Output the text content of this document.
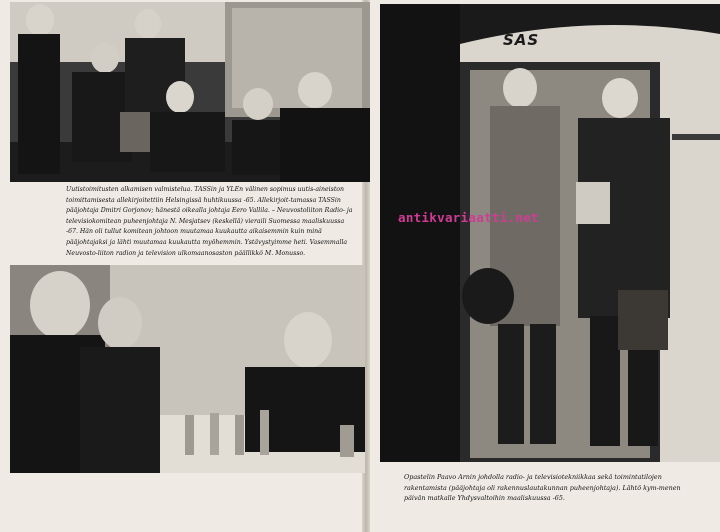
Uutistoimitusten alkamisen valmistelua. TASSin ja YLEn välinen sopimus uutis-aineiston toimittamisesta allekirjoitettiin Helsingissä huhtikuussa -65. Allekirjoit-tamassa TASSin pääjohtaja Dmitri Gorjonov; hänestä oikealla johtaja Eero Vallila. – Neuvostoliiton Radio- ja televisiokomitean puheenjohtaja N. Mesjatsev (keskellä) vieraili Suomessa maaliskuussa -67. Hän oli tullut komitean johtoon muutamaa kuukautta aikaisemmin kuin minä pääjohtajaksi ja lähti muutamaa kuukautta myöhemmin. Ystävystyimme heti. Vasemmalla Neuvosto-liiton radion ja television ulkomaanosaston päällikkö M. Monusso.
SAS
antikvariaatti.net
Opastelin Paavo Arnin johdolla radio- ja televisiotekniikkaa sekä toimintatilojen rakentamista (pääjohtaja oli rakennuslautakunnan puheenjohtaja). Lähtö kym-menen päivän matkalle Yhdysvaltoihin maaliskuussa -65.
